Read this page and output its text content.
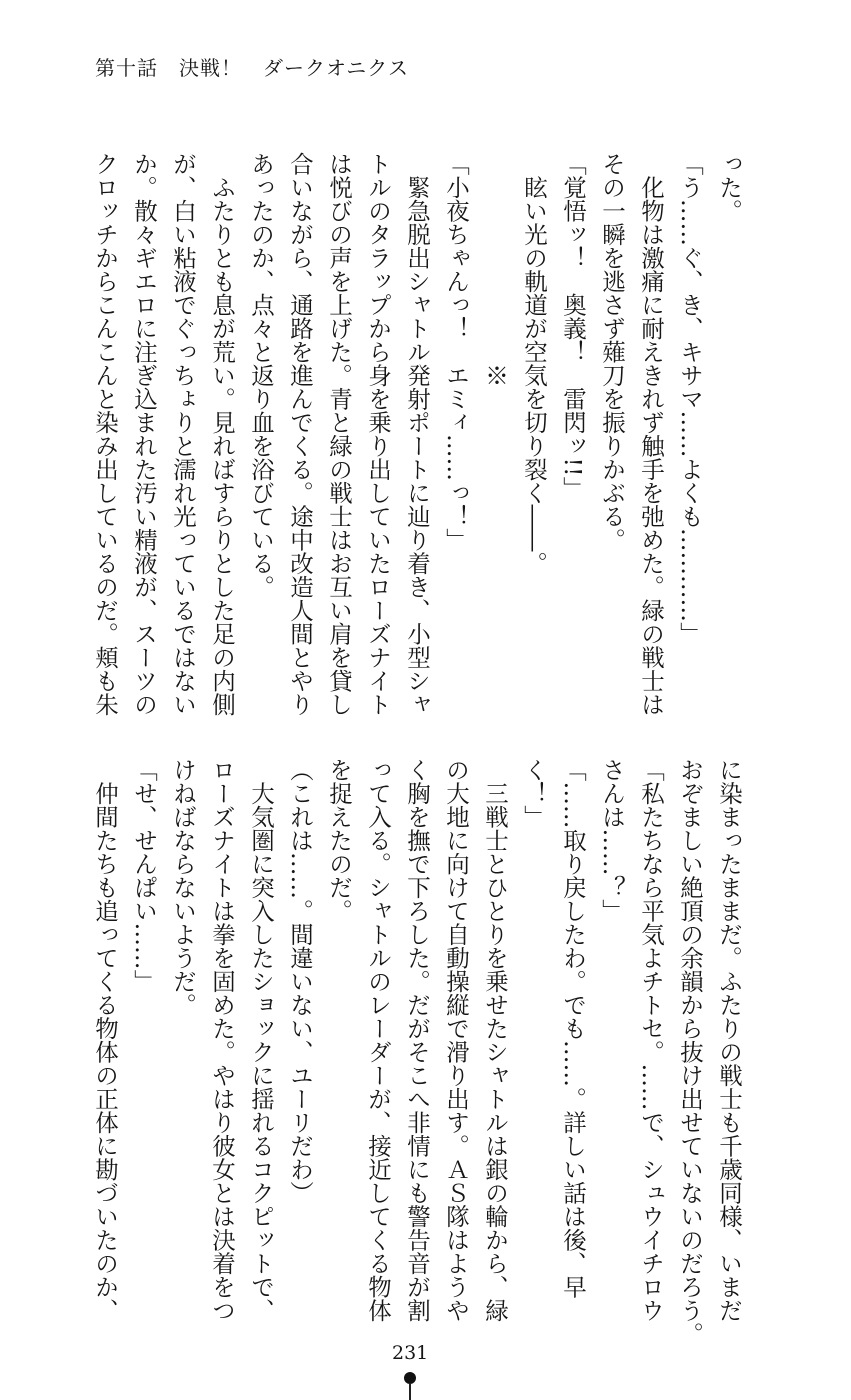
第十話　決戦！　ダークオニクス
った。
「う……ぐ、き、キサマ……よくも…………」
　化物は激痛に耐えきれず触手を弛めた。緑の戦士は
その一瞬を逃さず薙刀を振りかぶる。
「覚悟ッ！　奥義！　雷閃ッ!!」
　眩い光の軌道が空気を切り裂く――。
　　　　　　　　　※
「小夜ちゃんっ！　エミィ……っ！」
　緊急脱出シャトル発射ポートに辿り着き、小型シャ
トルのタラップから身を乗り出していたローズナイト
は悦びの声を上げた。青と緑の戦士はお互い肩を貸し
合いながら、通路を進んでくる。途中改造人間とやり
あったのか、点々と返り血を浴びている。
　ふたりとも息が荒い。見ればすらりとした足の内側
が、白い粘液でぐっちょりと濡れ光っているではない
か。散々ギエロに注ぎ込まれた汚い精液が、スーツの
クロッチからこんこんと染み出しているのだ。頬も朱
に染まったままだ。ふたりの戦士も千歳同様、いまだ
おぞましい絶頂の余韻から抜け出せていないのだろう。
「私たちなら平気よチトセ。……で、シュウイチロウ
さんは……？」
「……取り戻したわ。でも……。詳しい話は後、早
く！」
　三戦士とひとりを乗せたシャトルは銀の輪から、緑
の大地に向けて自動操縦で滑り出す。ＡＳ隊はようや
く胸を撫で下ろした。だがそこへ非情にも警告音が割
って入る。シャトルのレーダーが、接近してくる物体
を捉えたのだ。
（これは……。間違いない、ユーリだわ）
　大気圏に突入したショックに揺れるコクピットで、
ローズナイトは拳を固めた。やはり彼女とは決着をつ
けねばならないようだ。
「せ、せんぱい……」
　仲間たちも追ってくる物体の正体に勘づいたのか、
231
